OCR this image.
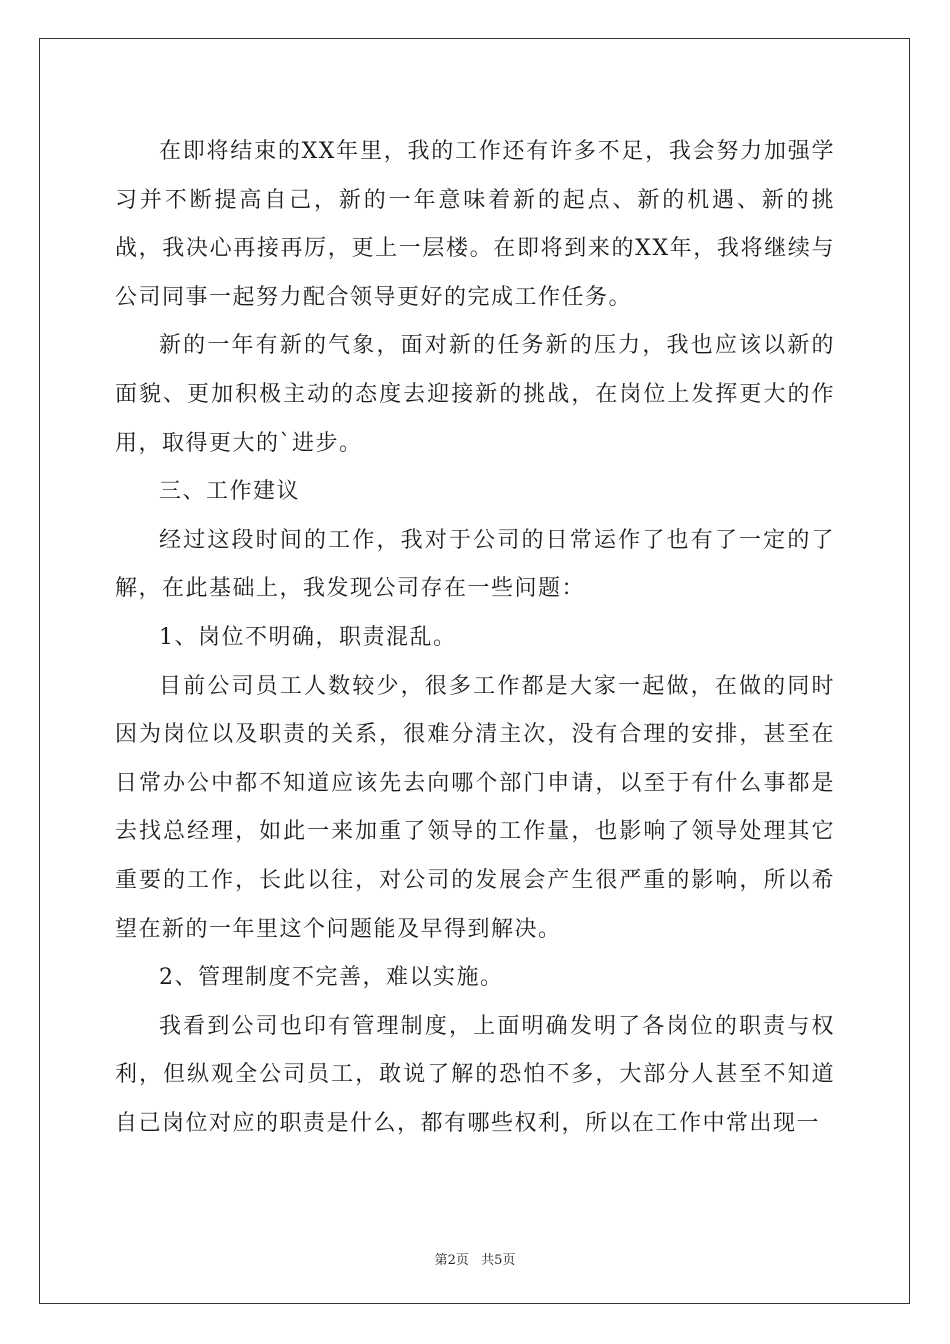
在即将结束的XX年里，我的工作还有许多不足，我会努力加强学习并不断提高自己，新的一年意味着新的起点、新的机遇、新的挑战，我决心再接再厉，更上一层楼。在即将到来的XX年，我将继续与公司同事一起努力配合领导更好的完成工作任务。

新的一年有新的气象，面对新的任务新的压力，我也应该以新的面貌、更加积极主动的态度去迎接新的挑战，在岗位上发挥更大的作用，取得更大的`进步。

三、工作建议

经过这段时间的工作，我对于公司的日常运作了也有了一定的了解，在此基础上，我发现公司存在一些问题：

1、岗位不明确，职责混乱。

目前公司员工人数较少，很多工作都是大家一起做，在做的同时因为岗位以及职责的关系，很难分清主次，没有合理的安排，甚至在日常办公中都不知道应该先去向哪个部门申请，以至于有什么事都是去找总经理，如此一来加重了领导的工作量，也影响了领导处理其它重要的工作，长此以往，对公司的发展会产生很严重的影响，所以希望在新的一年里这个问题能及早得到解决。

2、管理制度不完善，难以实施。

我看到公司也印有管理制度，上面明确发明了各岗位的职责与权利，但纵观全公司员工，敢说了解的恐怕不多，大部分人甚至不知道自己岗位对应的职责是什么，都有哪些权利，所以在工作中常出现一

第2页 共5页
